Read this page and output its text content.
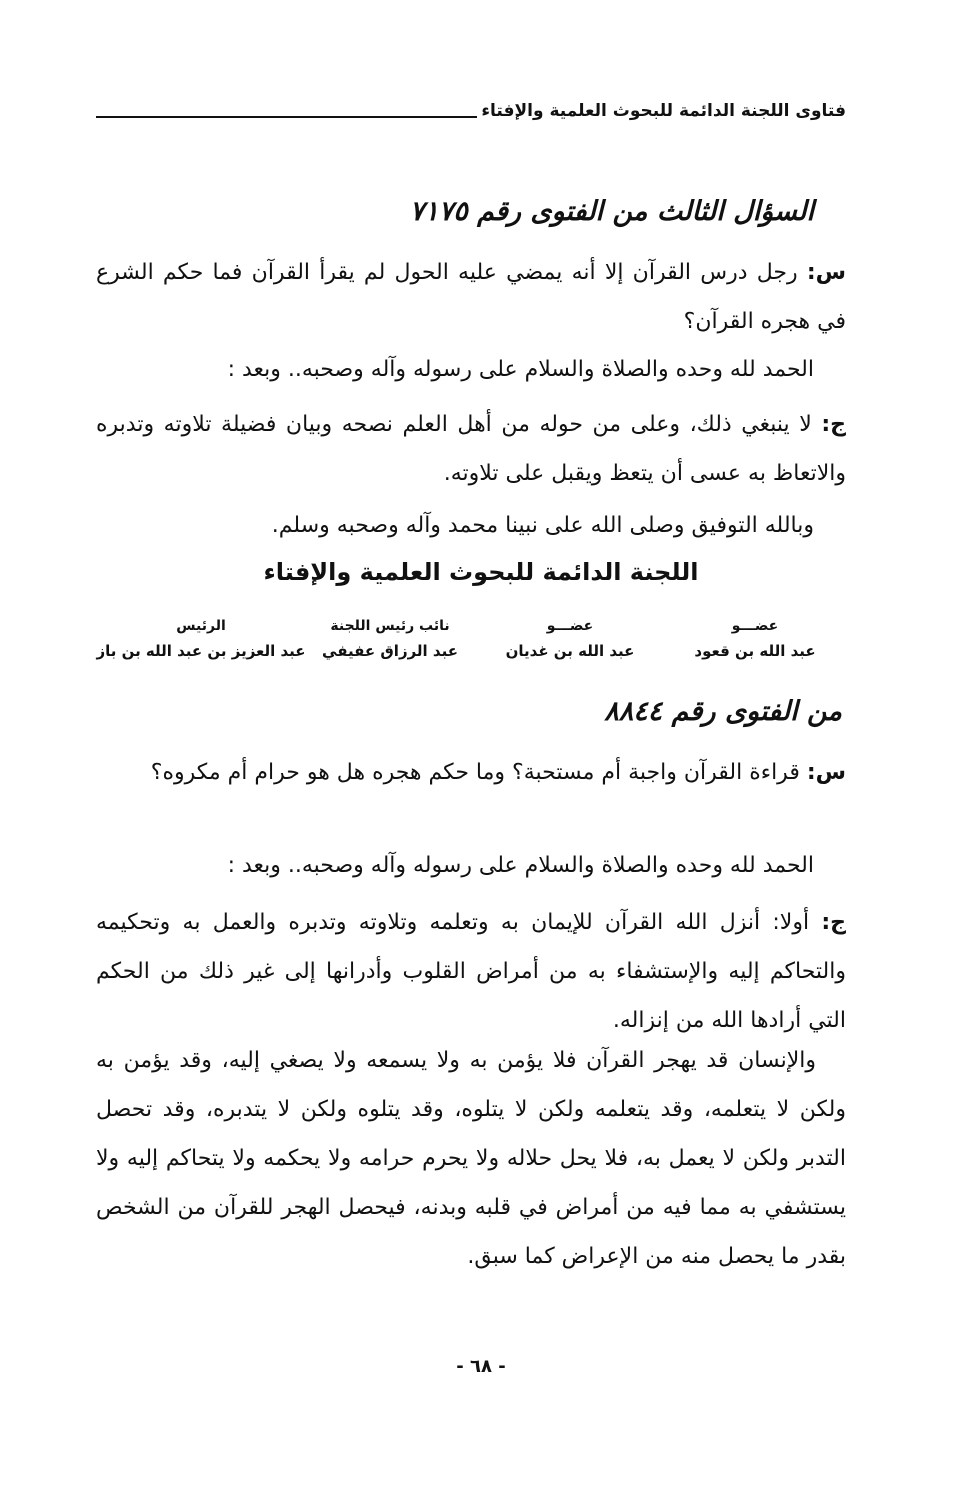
فتاوى اللجنة الدائمة للبحوث العلمية والإفتاء
السؤال الثالث من الفتوى رقم ٧١٧٥
س: رجل درس القرآن إلا أنه يمضي عليه الحول لم يقرأ القرآن فما حكم الشرع في هجره القرآن؟
الحمد لله وحده والصلاة والسلام على رسوله وآله وصحبه.. وبعد :
ج: لا ينبغي ذلك، وعلى من حوله من أهل العلم نصحه وبيان فضيلة تلاوته وتدبره والاتعاظ به عسى أن يتعظ ويقبل على تلاوته.
وبالله التوفيق وصلى الله على نبينا محمد وآله وصحبه وسلم.
اللجنة الدائمة للبحوث العلمية والإفتاء
الرئيس
عبد العزيز بن عبد الله بن باز
نائب رئيس اللجنة
عبد الرزاق عفيفي
عضـــو
عبد الله بن غديان
عضـــو
عبد الله بن قعود
من الفتوى رقم ٨٨٤٤
س: قراءة القرآن واجبة أم مستحبة؟ وما حكم هجره هل هو حرام أم مكروه؟
الحمد لله وحده والصلاة والسلام على رسوله وآله وصحبه.. وبعد :
ج: أولا: أنزل الله القرآن للإيمان به وتعلمه وتلاوته وتدبره والعمل به وتحكيمه والتحاكم إليه والإستشفاء به من أمراض القلوب وأدرانها إلى غير ذلك من الحكم التي أرادها الله من إنزاله.
والإنسان قد يهجر القرآن فلا يؤمن به ولا يسمعه ولا يصغي إليه، وقد يؤمن به ولكن لا يتعلمه، وقد يتعلمه ولكن لا يتلوه، وقد يتلوه ولكن لا يتدبره، وقد تحصل التدبر ولكن لا يعمل به، فلا يحل حلاله ولا يحرم حرامه ولا يحكمه ولا يتحاكم إليه ولا يستشفي به مما فيه من أمراض في قلبه وبدنه، فيحصل الهجر للقرآن من الشخص بقدر ما يحصل منه من الإعراض كما سبق.
- ٦٨ -
